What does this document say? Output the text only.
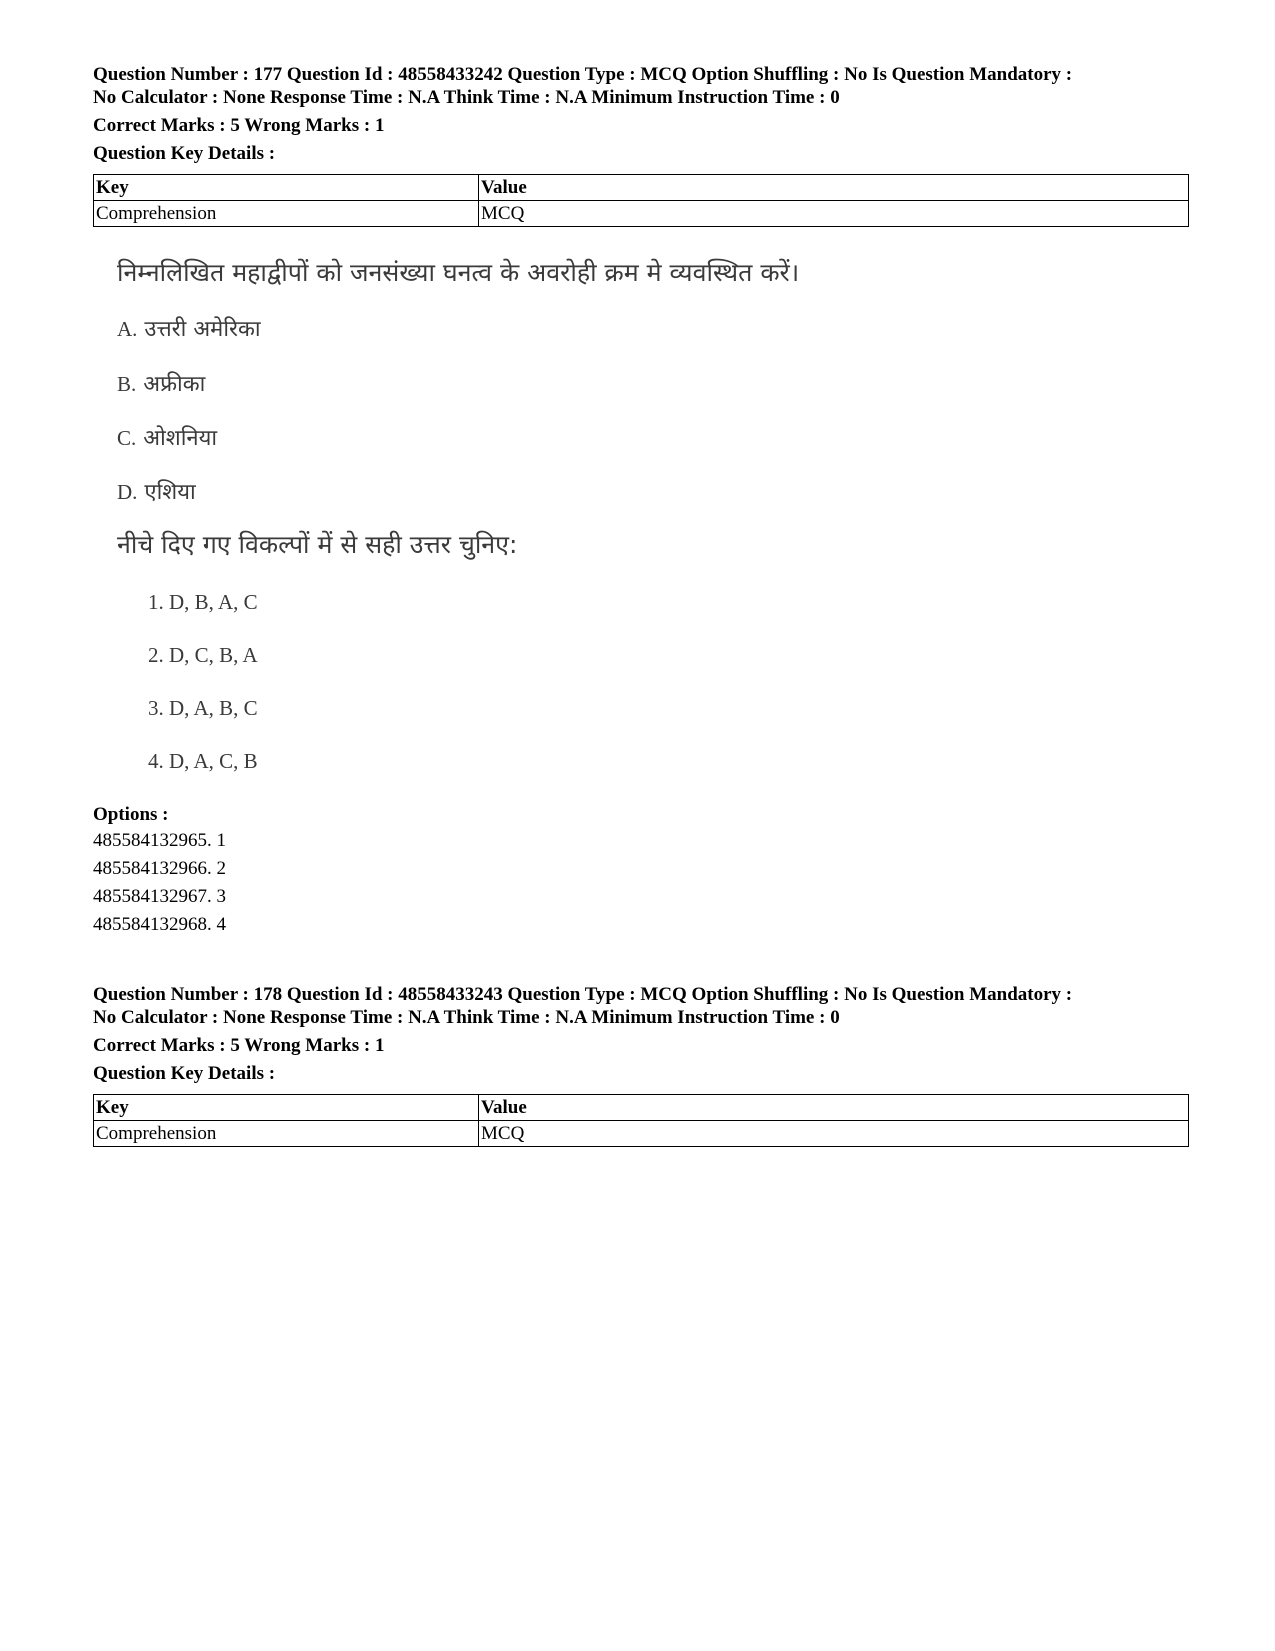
Question Number : 177 Question Id : 48558433242 Question Type : MCQ Option Shuffling : No Is Question Mandatory :
No Calculator : None Response Time : N.A Think Time : N.A Minimum Instruction Time : 0
Correct Marks : 5 Wrong Marks : 1
Question Key Details :
Key	Value
Comprehension	MCQ
निम्नलिखित महाद्वीपों को जनसंख्या घनत्व के अवरोही क्रम मे व्यवस्थित करें।
A. उत्तरी अमेरिका
B. अफ्रीका
C. ओशनिया
D. एशिया
नीचे दिए गए विकल्पों में से सही उत्तर चुनिए:
1. D, B, A, C
2. D, C, B, A
3. D, A, B, C
4. D, A, C, B
Options :
485584132965. 1
485584132966. 2
485584132967. 3
485584132968. 4
Question Number : 178 Question Id : 48558433243 Question Type : MCQ Option Shuffling : No Is Question Mandatory :
No Calculator : None Response Time : N.A Think Time : N.A Minimum Instruction Time : 0
Correct Marks : 5 Wrong Marks : 1
Question Key Details :
Key	Value
Comprehension	MCQ
